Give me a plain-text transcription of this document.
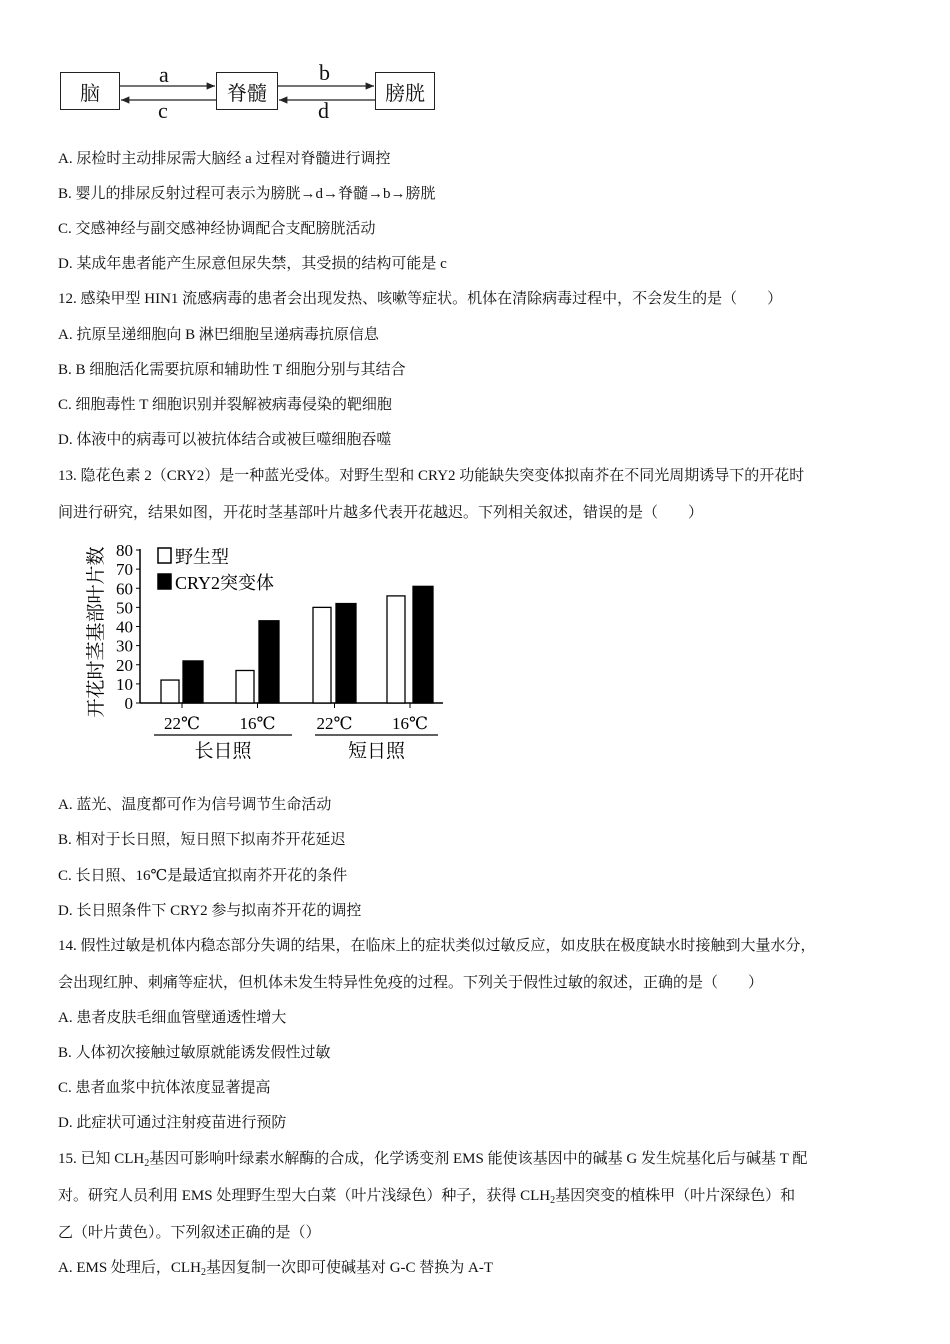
脑	脊髓	膀胱
a
c
b
d
A. 尿检时主动排尿需大脑经 a 过程对脊髓进行调控
B. 婴儿的排尿反射过程可表示为膀胱→d→脊髓→b→膀胱
C. 交感神经与副交感神经协调配合支配膀胱活动
D. 某成年患者能产生尿意但尿失禁，其受损的结构可能是 c
12. 感染甲型 HIN1 流感病毒的患者会出现发热、咳嗽等症状。机体在清除病毒过程中，不会发生的是（　　）
A. 抗原呈递细胞向 B 淋巴细胞呈递病毒抗原信息
B. B 细胞活化需要抗原和辅助性 T 细胞分别与其结合
C. 细胞毒性 T 细胞识别并裂解被病毒侵染的靶细胞
D. 体液中的病毒可以被抗体结合或被巨噬细胞吞噬
13. 隐花色素 2（CRY2）是一种蓝光受体。对野生型和 CRY2 功能缺失突变体拟南芥在不同光周期诱导下的开花时
间进行研究，结果如图，开花时茎基部叶片越多代表开花越迟。下列相关叙述，错误的是（　　）
A. 蓝光、温度都可作为信号调节生命活动
B. 相对于长日照，短日照下拟南芥开花延迟
C. 长日照、16℃是最适宜拟南芥开花的条件
D. 长日照条件下 CRY2 参与拟南芥开花的调控
14. 假性过敏是机体内稳态部分失调的结果，在临床上的症状类似过敏反应，如皮肤在极度缺水时接触到大量水分，
会出现红肿、刺痛等症状，但机体未发生特异性免疫的过程。下列关于假性过敏的叙述，正确的是（　　）
A. 患者皮肤毛细血管壁通透性增大
B. 人体初次接触过敏原就能诱发假性过敏
C. 患者血浆中抗体浓度显著提高
D. 此症状可通过注射疫苗进行预防
15. 已知 $CLH_2$基因可影响叶绿素水解酶的合成，化学诱变剂 EMS 能使该基因中的碱基 G 发生烷基化后与碱基 T 配
对。研究人员利用 EMS 处理野生型大白菜（叶片浅绿色）种子，获得 $CLH_2$基因突变的植株甲（叶片深绿色）和
乙（叶片黄色）。下列叙述正确的是（）
A. EMS 处理后，$CLH_2$基因复制一次即可使碱基对 G-C 替换为 A-T
0
10
20
30
40
50
60
70
80
开花时茎基部叶片数
22℃ 16℃ 22℃ 16℃
长日照	短日照
野生型
CRY2突变体
